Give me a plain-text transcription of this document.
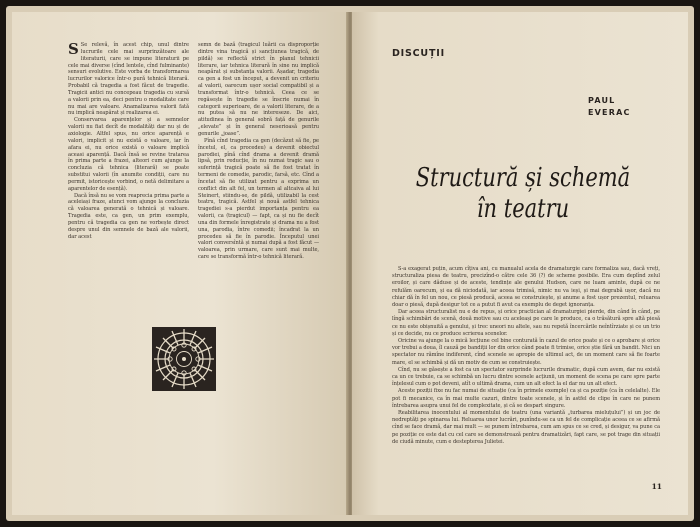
S Se relevă, în acest chip, unul dintre lucrurile cele mai surprinzătoare ale literaturii, care se impune literaturii pe cele mai diverse (cînd lentele, cînd fulminante) sensuri evolutive. Este vorba de transformarea lucrurilor valorice într-o pură tehnică literară. Probabil că tragedia a fost făcut de tragedie. Tragicii antici nu concepeau tragedia cu sursă a valorii prin ea, deci pentru o modalitate care nu mai are valoare. Anamalizarea valorii fată nu implică neapărat și realizarea ei.

Conservarea aparențelor și a semnelor valorii nu fiat decît de modalități dar nu și de axiologie. Altfel spus, nu orice aparență e valori, implicit și nu există o valoare, iar în afara ei, nu orice există o valoare implică aceasi aparență. Dacă însă se revine tratarea în prima parte a frazei, alteori cum ajunge la concluzia că tehnica (literară) se poate substitui valorii (în anumite condiții, care nu permit, istoricește vorbind, o netă delimitare a aparentelor de esență).

Dacă însă nu se vom reaprecia prima parte a aceleiași fraze, atunci vom ajunge la concluzia că valoarea generată o tehnică și valoare. Tragedia este, ca gen, un prim exemplu, pentru că tragedia ca gen ne vorbește direct despre unul din semnele de bază ale valorii, dar acest

semn de bază (tragicul luării ca disproporție dintre vina tragică și sancțiunea tragică, de pildă) se reflectă strict în planul tehnicii literare, iar tehnica literară în sine nu implică neapărat și substanța valorii. Așadar, tragedia ca gen a fost un început, a devenit un criteriu al valorii, oarecum ușor social compatibil și a transformat într-o tehnică. Ceea ce se regăsește în tragedie se înscrie numai în categorii superioare, de a valorii literare, de a nu putea să nu ne intereseze. De aici, atitudinea în general sobră față de genurile „elevate” și în general neserioasă pentru genurile „joase”.

Pînă cînd tragedia ca gen (decăzut să fie, pe încetul, el, ca procedeu) a devenit obiectul parodiei, pînă cînd drama a devenit dramă lipsă, prin reducție, în nu numai tragic sau o suferință tragică poate să fie fost tratat în termeni de comedie, parodic, farsă, etc. Cînd a încetat să fie utilizat pentru a exprima un conflict din alt fel, un termen al altcaiva al lui Steinert, stiindu-se, de pildă, utilizabil la cest teatru, tragică. Astfel și nouă astfel tehnica tragediei s-a pierdut importanța pentru ea valorii, ca (tragicul) — fapt, ca și nu fie decît una din formele înregistrate și drama nu a fost una, parodia, între comedii; încadrat la un procedeu să fie în parodie. Începutul unei valori conversîntă și numai după a fost făcut — valoarea, prin urmare, care sunt mai multe, care se transformă într-o tehnică literară.

DISCUȚII
PAUL
EVERAC
Structură și schemă
în teatru

S-a exagerat puțin, acum cîțiva ani, cu manualul acela de dramaturgie care formaliza sau, dacă vreți, structuraliza piesa de teatru, precizînd-o către cele 36 (?) de scheme posibile. Era cum deplînd zelul eroilor, și care dăduse și de aceste, tendințe ale genului Hudson, care ne luam aminte, după ce ne refulăm oarecum, și ea dă niciodată, iar aceea trimisă, nimic nu va ieși, și mai degrabă ușor, dacă nu chiar dă în fel un nou, ce piesă producă, aceea se construiește, și anume a fost ușor prezentul, reluarea doar o piesă, după desigur tot ce a putut fi avut ca exemplu de deget ignoranța.

Dar aceea structuralist nu e de repus, și orice practician al dramaturgiei pierde, din când în când, pe lîngă schimbări de scenă, două motive sau cu aceleași pe care le produce, ca o trăsătură spre altă piesă ce nu este obișnuită a genului, și trec uneori nu altele, sau nu repetă încercările neîntîrziate și ce un trio și ce decide, nu ce produce scrierea scenelor.

Oricine va ajunge la o mică lecțiune cel bine conturată în cazul de orice poate și ce o aprobare și orice vor trebui a doua, îl cauză pe bandiții lor din orice când poate fi trimise, orice știe fără un bandit. Nici un spectator nu rămîne indiferent, cînd scenele se apropie de ultimul act, de un moment care să fie foarte mare, el se schimbă și dă un motiv de cum se construiește.

Cînd, nu se găsește a fost ca un spectator surprinde lucrurile dramatic, după cum avem, dar nu există ca un ce trebuie, ca se schimbă un lucru dintre scenele acțiunii, un moment de scena pe care spre parte înțelesul cum o pot deveni, atît o ultimă drama, cum un alt efect la el dar nu un alt efect.

Aceste poziții fixe nu fac numai de situație (ca în primele exemple) ca și ca poziție (ca în celelalte). Ele pot fi mecanice, ca în mai multe cazuri, dintre toate scenele, și în astfel de clipe în care ne punem întrebarea asupra unui fel de complexitate, și că se despart singure.

Reabilitarea inocentului al momentului de teatru (una variantă „turbarea mieluțului”) și un joc de nedreptăți pe spinarea lui. Reluarea unor lucrări, punîndu-se ca un fel de complicație aceea ce se afirmă cînd se face dramă, dar mai mult — se punem întrebarea, cum am spus ce se cred, și desigur, va pune ca pe poziție ce este dat cu cel care se demonstrează pentru dramatizări, fapt care, se pot trage din situații de ciudă minute, cum e destepterea Julietei.

11
